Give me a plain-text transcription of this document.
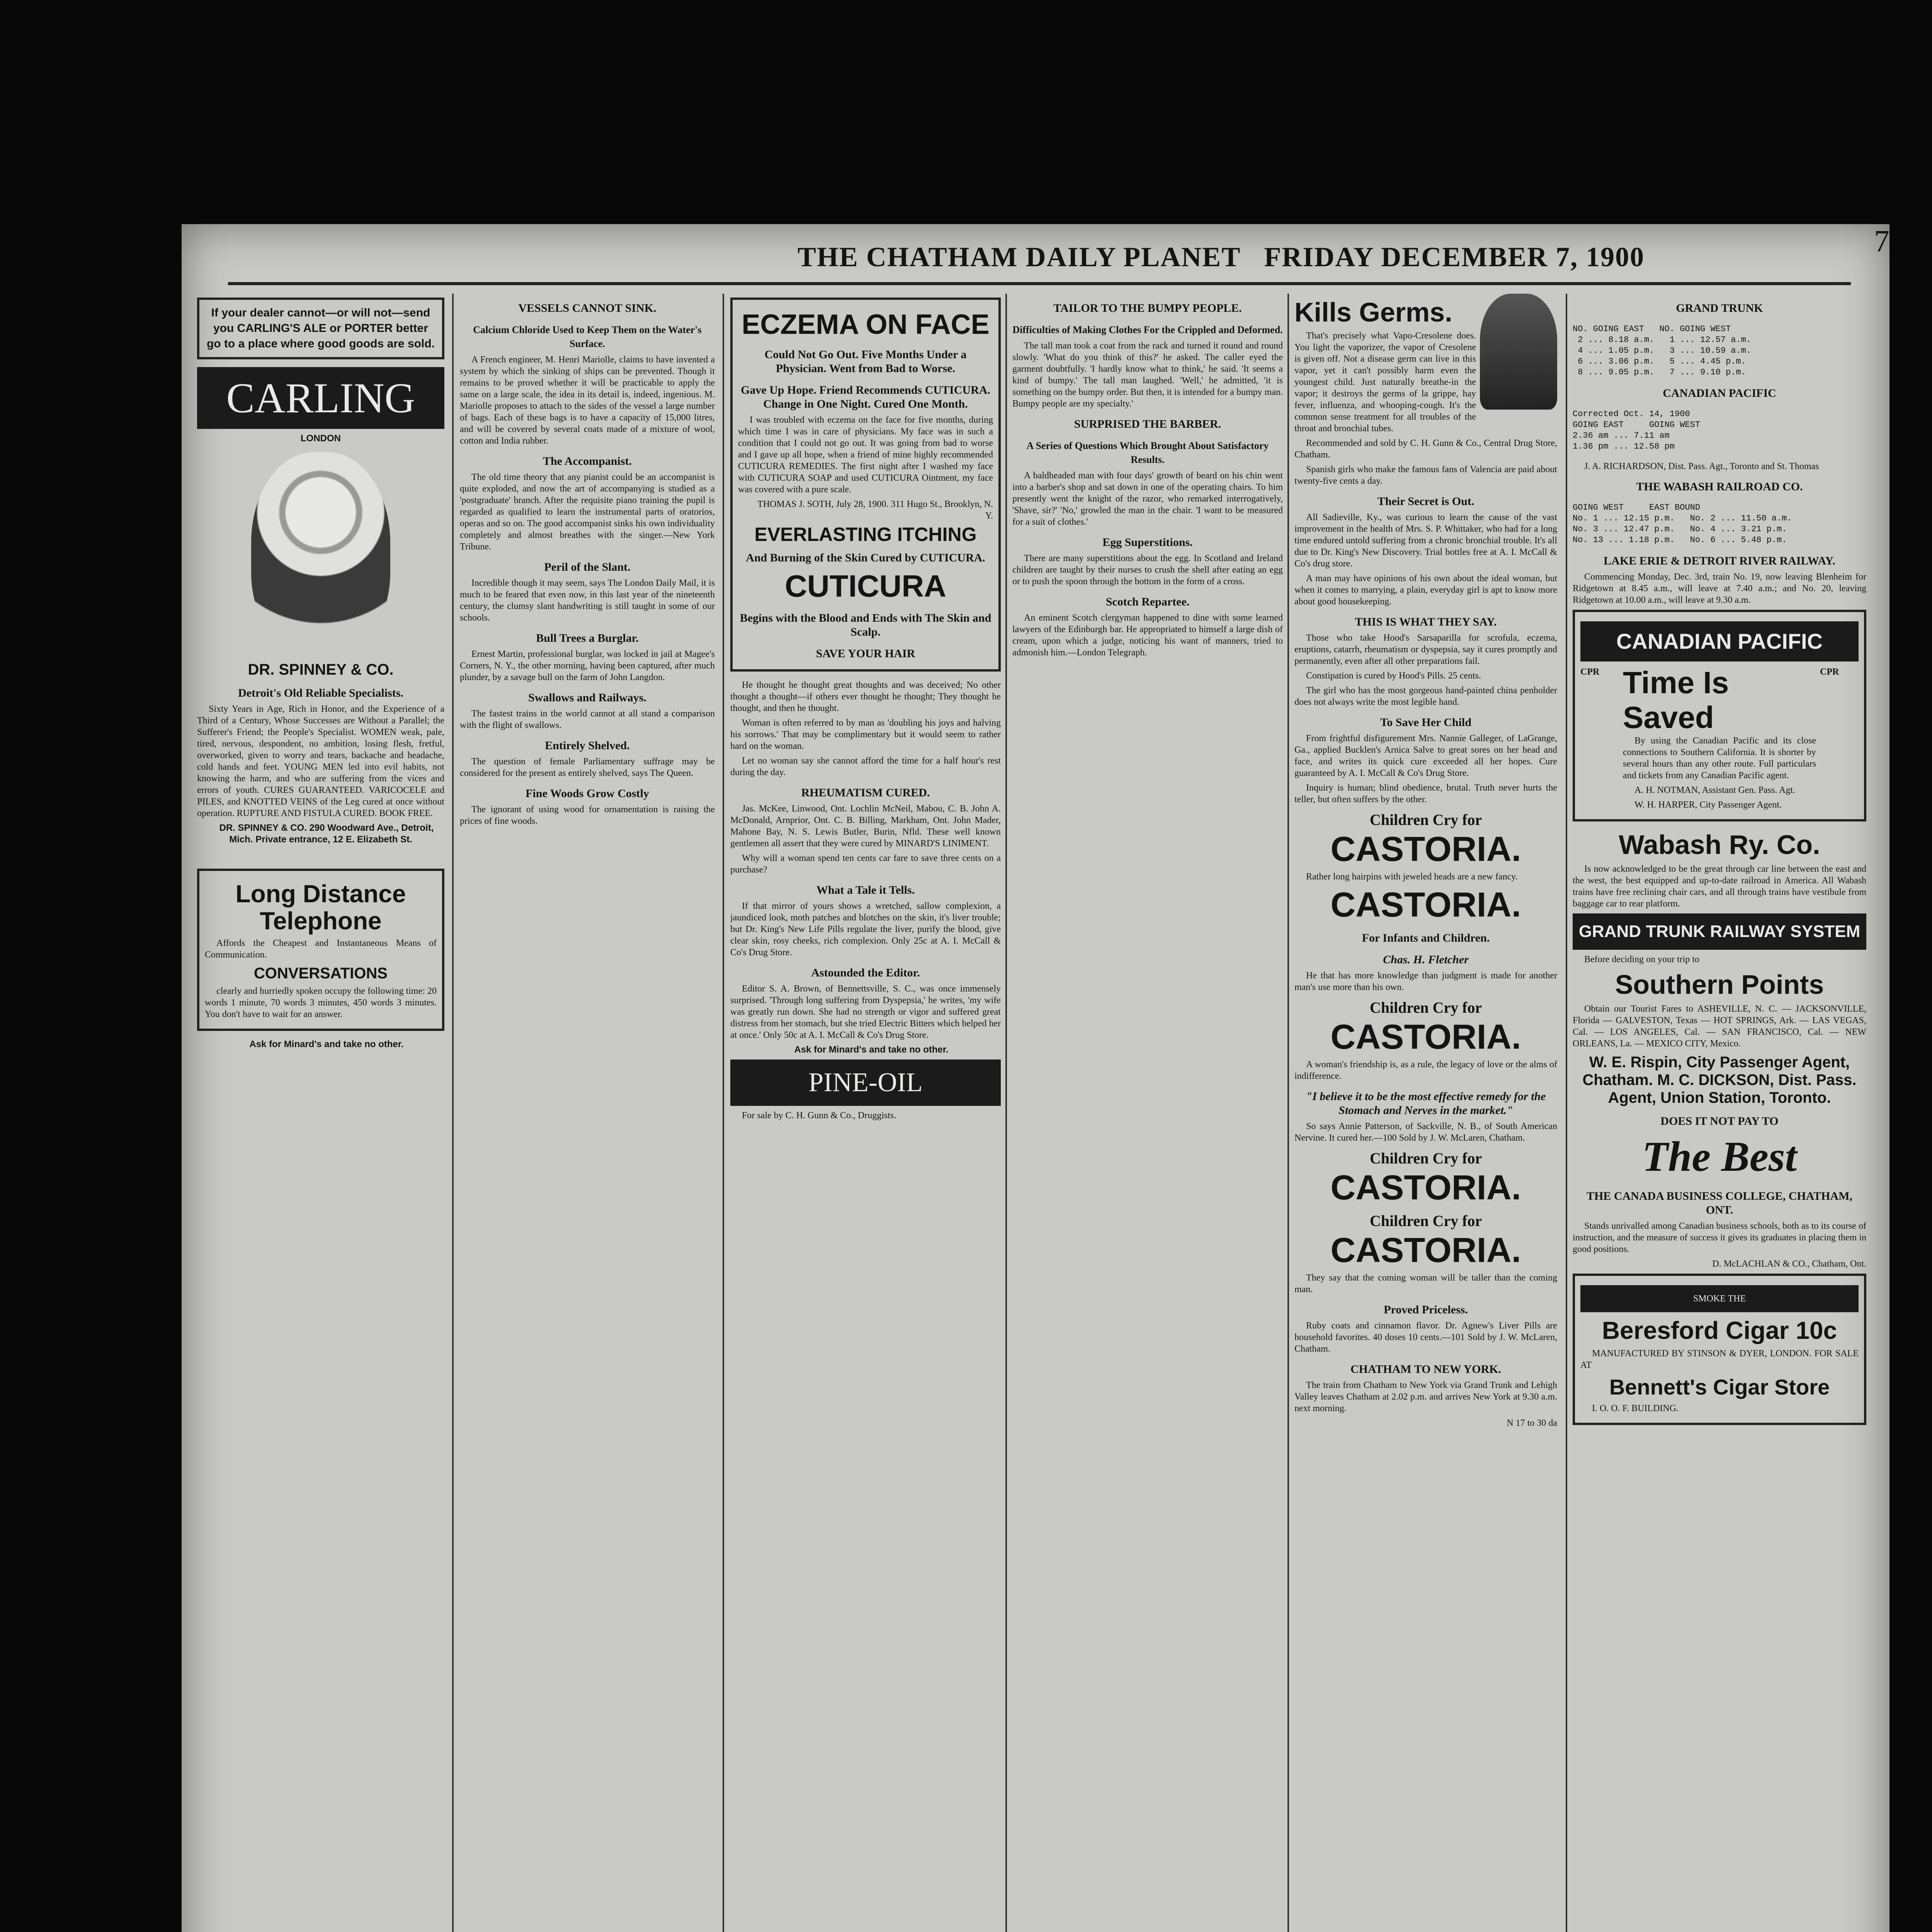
THE CHATHAM DAILY PLANET FRIDAY DECEMBER 7, 1900	7
If your dealer cannot—or will not—send you CARLING'S ALE or PORTER better go to a place where good goods are sold.
CARLING
LONDON
DR. SPINNEY & CO.
Detroit's Old Reliable Specialists.

Sixty Years in Age, Rich in Honor, and the Experience of a Third of a Century, Whose Successes are Without a Parallel; the Sufferer's Friend; the People's Specialist. WOMEN weak, pale, tired, nervous, despondent, no ambition, losing flesh, fretful, overworked, given to worry and tears, backache and headache, cold hands and feet. YOUNG MEN led into evil habits, not knowing the harm, and who are suffering from the vices and errors of youth. CURES GUARANTEED. VARICOCELE and PILES, and KNOTTED VEINS of the Leg cured at once without operation. RUPTURE AND FISTULA CURED. BOOK FREE.

DR. SPINNEY & CO. 290 Woodward Ave., Detroit, Mich. Private entrance, 12 E. Elizabeth St.

Long Distance Telephone

Affords the Cheapest and Instantaneous Means of Communication.

CONVERSATIONS

clearly and hurriedly spoken occupy the following time: 20 words 1 minute, 70 words 3 minutes, 450 words 3 minutes. You don't have to wait for an answer.

Ask for Minard's and take no other.

VESSELS CANNOT SINK.
Calcium Chloride Used to Keep Them on the Water's Surface.

A French engineer, M. Henri Mariolle, claims to have invented a system by which the sinking of ships can be prevented. Though it remains to be proved whether it will be practicable to apply the same on a large scale, the idea in its detail is, indeed, ingenious. M. Mariolle proposes to attach to the sides of the vessel a large number of bags. Each of these bags is to have a capacity of 15,000 litres, and will be covered by several coats made of a mixture of wool, cotton and India rubber.

The Accompanist.

The old time theory that any pianist could be an accompanist is quite exploded, and now the art of accompanying is studied as a 'postgraduate' branch. After the requisite piano training the pupil is regarded as qualified to learn the instrumental parts of oratorios, operas and so on. The good accompanist sinks his own individuality completely and almost breathes with the singer.—New York Tribune.

Peril of the Slant.

Incredible though it may seem, says The London Daily Mail, it is much to be feared that even now, in this last year of the nineteenth century, the clumsy slant handwriting is still taught in some of our schools.

Bull Trees a Burglar.

Ernest Martin, professional burglar, was locked in jail at Magee's Corners, N. Y., the other morning, having been captured, after much plunder, by a savage bull on the farm of John Langdon.

Swallows and Railways.

The fastest trains in the world cannot at all stand a comparison with the flight of swallows.

Entirely Shelved.

The question of female Parliamentary suffrage may be considered for the present as entirely shelved, says The Queen.

Fine Woods Grow Costly

The ignorant of using wood for ornamentation is raising the prices of fine woods.

ECZEMA ON FACE
Could Not Go Out. Five Months Under a Physician. Went from Bad to Worse.
Gave Up Hope. Friend Recommends CUTICURA. Change in One Night. Cured One Month.

I was troubled with eczema on the face for five months, during which time I was in care of physicians. My face was in such a condition that I could not go out. It was going from bad to worse and I gave up all hope, when a friend of mine highly recommended CUTICURA REMEDIES. The first night after I washed my face with CUTICURA SOAP and used CUTICURA Ointment, my face was covered with a pure scale.

THOMAS J. SOTH, July 28, 1900. 311 Hugo St., Brooklyn, N. Y.

EVERLASTING ITCHING
And Burning of the Skin Cured by CUTICURA.
CUTICURA
Begins with the Blood and Ends with The Skin and Scalp.
SAVE YOUR HAIR

He thought he thought great thoughts and was deceived; No other thought a thought—if others ever thought he thought; They thought he thought, and then he thought.

Woman is often referred to by man as 'doubling his joys and halving his sorrows.' That may be complimentary but it would seem to rather hard on the woman.

Let no woman say she cannot afford the time for a half hour's rest during the day.

RHEUMATISM CURED.

Jas. McKee, Linwood, Ont. Lochlin McNeil, Mabou, C. B. John A. McDonald, Arnprior, Ont. C. B. Billing, Markham, Ont. John Mader, Mahone Bay, N. S. Lewis Butler, Burin, Nfld. These well known gentlemen all assert that they were cured by MINARD'S LINIMENT.

Why will a woman spend ten cents car fare to save three cents on a purchase?

What a Tale it Tells.

If that mirror of yours shows a wretched, sallow complexion, a jaundiced look, moth patches and blotches on the skin, it's liver trouble; but Dr. King's New Life Pills regulate the liver, purify the blood, give clear skin, rosy cheeks, rich complexion. Only 25c at A. I. McCall & Co's Drug Store.

Astounded the Editor.

Editor S. A. Brown, of Bennettsville, S. C., was once immensely surprised. 'Through long suffering from Dyspepsia,' he writes, 'my wife was greatly run down. She had no strength or vigor and suffered great distress from her stomach, but she tried Electric Bitters which helped her at once.' Only 50c at A. I. McCall & Co's Drug Store.

Ask for Minard's and take no other.

PINE-OIL

For sale by C. H. Gunn & Co., Druggists.

TAILOR TO THE BUMPY PEOPLE.
Difficulties of Making Clothes For the Crippled and Deformed.

The tall man took a coat from the rack and turned it round and round slowly. 'What do you think of this?' he asked. The caller eyed the garment doubtfully. 'I hardly know what to think,' he said. 'It seems a kind of bumpy.' The tall man laughed. 'Well,' he admitted, 'it is something on the bumpy order. But then, it is intended for a bumpy man. Bumpy people are my specialty.'

SURPRISED THE BARBER.
A Series of Questions Which Brought About Satisfactory Results.

A baldheaded man with four days' growth of beard on his chin went into a barber's shop and sat down in one of the operating chairs. To him presently went the knight of the razor, who remarked interrogatively, 'Shave, sir?' 'No,' growled the man in the chair. 'I want to be measured for a suit of clothes.'

Egg Superstitions.

There are many superstitions about the egg. In Scotland and Ireland children are taught by their nurses to crush the shell after eating an egg or to push the spoon through the bottom in the form of a cross.

Scotch Repartee.

An eminent Scotch clergyman happened to dine with some learned lawyers of the Edinburgh bar. He appropriated to himself a large dish of cream, upon which a judge, noticing his want of manners, tried to admonish him.—London Telegraph.

Kills Germs.

That's precisely what Vapo-Cresolene does. You light the vaporizer, the vapor of Cresolene is given off. Not a disease germ can live in this vapor, yet it can't possibly harm even the youngest child. Just naturally breathe-in the vapor; it destroys the germs of la grippe, hay fever, influenza, and whooping-cough. It's the common sense treatment for all troubles of the throat and bronchial tubes.

Recommended and sold by C. H. Gunn & Co., Central Drug Store, Chatham.

Spanish girls who make the famous fans of Valencia are paid about twenty-five cents a day.

Their Secret is Out.

All Sadieville, Ky., was curious to learn the cause of the vast improvement in the health of Mrs. S. P. Whittaker, who had for a long time endured untold suffering from a chronic bronchial trouble. It's all due to Dr. King's New Discovery. Trial bottles free at A. I. McCall & Co's drug store.

A man may have opinions of his own about the ideal woman, but when it comes to marrying, a plain, everyday girl is apt to know more about good housekeeping.

THIS IS WHAT THEY SAY.

Those who take Hood's Sarsaparilla for scrofula, eczema, eruptions, catarrh, rheumatism or dyspepsia, say it cures promptly and permanently, even after all other preparations fail.

Constipation is cured by Hood's Pills. 25 cents.

The girl who has the most gorgeous hand-painted china penholder does not always write the most legible hand.

To Save Her Child

From frightful disfigurement Mrs. Nannie Galleger, of LaGrange, Ga., applied Bucklen's Arnica Salve to great sores on her head and face, and writes its quick cure exceeded all her hopes. Cure guaranteed by A. I. McCall & Co's Drug Store.

Inquiry is human; blind obedience, brutal. Truth never hurts the teller, but often suffers by the other.

Children Cry for
CASTORIA.

Rather long hairpins with jeweled heads are a new fancy.

CASTORIA.
For Infants and Children.
Chas. H. Fletcher

He that has more knowledge than judgment is made for another man's use more than his own.

Children Cry for
CASTORIA.

A woman's friendship is, as a rule, the legacy of love or the alms of indifference.

"I believe it to be the most effective remedy for the Stomach and Nerves in the market."

So says Annie Patterson, of Sackville, N. B., of South American Nervine. It cured her.—100 Sold by J. W. McLaren, Chatham.

Children Cry for
CASTORIA.
Children Cry for
CASTORIA.

They say that the coming woman will be taller than the coming man.

Proved Priceless.

Ruby coats and cinnamon flavor. Dr. Agnew's Liver Pills are household favorites. 40 doses 10 cents.—101 Sold by J. W. McLaren, Chatham.

CHATHAM TO NEW YORK.

The train from Chatham to New York via Grand Trunk and Lehigh Valley leaves Chatham at 2.02 p.m. and arrives New York at 9.30 a.m. next morning.

N 17 to 30 da

GRAND TRUNK
NO. GOING EAST   NO. GOING WEST
2 ... 8.18 a.m.   1 ... 12.57 a.m.
4 ... 1.05 p.m.   3 ... 10.59 a.m.
6 ... 3.06 p.m.   5 ... 4.45 p.m.
8 ... 9.05 p.m.   7 ... 9.10 p.m.
CANADIAN PACIFIC
Corrected Oct. 14, 1900
GOING EAST     GOING WEST
2.36 am ... 7.11 am
1.36 pm ... 12.58 pm

J. A. RICHARDSON, Dist. Pass. Agt., Toronto and St. Thomas

THE WABASH RAILROAD CO.
GOING WEST     EAST BOUND
No. 1 ... 12.15 p.m.   No. 2 ... 11.50 a.m.
No. 3 ... 12.47 p.m.   No. 4 ... 3.21 p.m.
No. 13 ... 1.18 p.m.   No. 6 ... 5.48 p.m.
LAKE ERIE & DETROIT RIVER RAILWAY.

Commencing Monday, Dec. 3rd, train No. 19, now leaving Blenheim for Ridgetown at 8.45 a.m., will leave at 7.40 a.m.; and No. 20, leaving Ridgetown at 10.00 a.m., will leave at 9.30 a.m.

CANADIAN PACIFIC
CPR Time Is Saved

By using the Canadian Pacific and its close connections to Southern California. It is shorter by several hours than any other route. Full particulars and tickets from any Canadian Pacific agent.

A. H. NOTMAN, Assistant Gen. Pass. Agt.

W. H. HARPER, City Passenger Agent.

CPR
Wabash Ry. Co.

Is now acknowledged to be the great through car line between the east and the west, the best equipped and up-to-date railroad in America. All Wabash trains have free reclining chair cars, and all through trains have vestibule from baggage car to rear platform.

GRAND TRUNK RAILWAY SYSTEM

Before deciding on your trip to

Southern Points

Obtain our Tourist Fares to ASHEVILLE, N. C. — JACKSONVILLE, Florida — GALVESTON, Texas — HOT SPRINGS, Ark. — LAS VEGAS, Cal. — LOS ANGELES, Cal. — SAN FRANCISCO, Cal. — NEW ORLEANS, La. — MEXICO CITY, Mexico.

W. E. Rispin, City Passenger Agent, Chatham. M. C. DICKSON, Dist. Pass. Agent, Union Station, Toronto.
DOES IT NOT PAY TO
The Best
THE CANADA BUSINESS COLLEGE, CHATHAM, ONT.

Stands unrivalled among Canadian business schools, both as to its course of instruction, and the measure of success it gives its graduates in placing them in good positions.

D. McLACHLAN & CO., Chatham, Ont.

SMOKE THE
Beresford Cigar 10c

MANUFACTURED BY STINSON & DYER, LONDON. FOR SALE AT

Bennett's Cigar Store

I. O. O. F. BUILDING.
